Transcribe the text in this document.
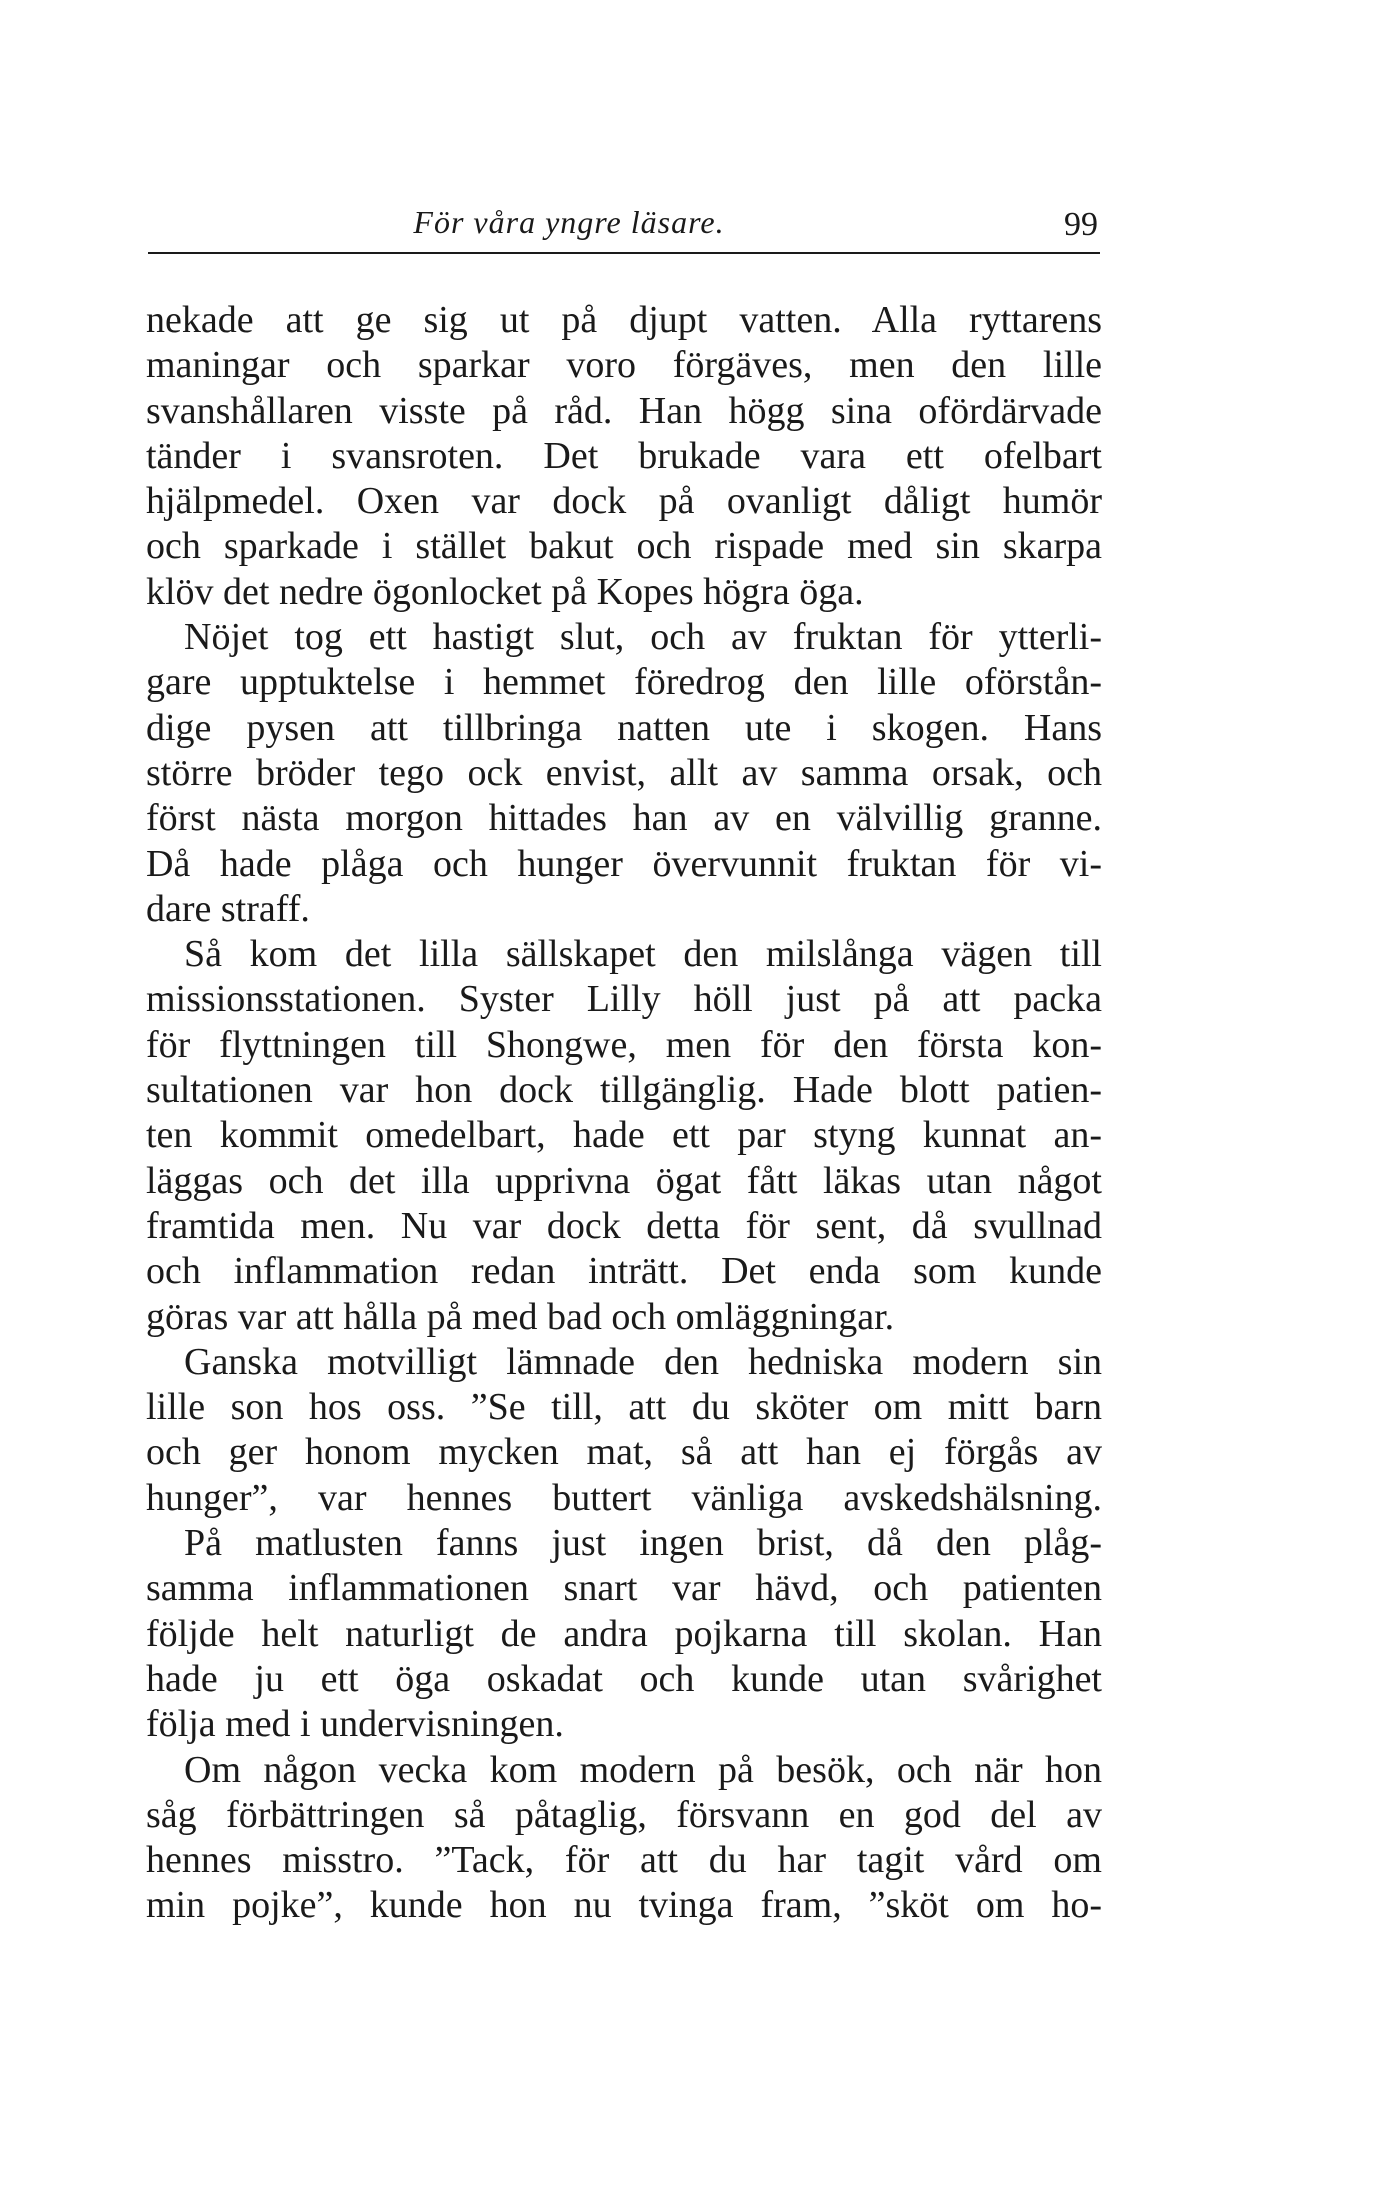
För våra yngre läsare.	99
nekade att ge sig ut på djupt vatten. Alla ryttarens
maningar och sparkar voro förgäves, men den lille
svanshållaren visste på råd. Han högg sina ofördärvade
tänder i svansroten. Det brukade vara ett ofelbart
hjälpmedel. Oxen var dock på ovanligt dåligt humör
och sparkade i stället bakut och rispade med sin skarpa
klöv det nedre ögonlocket på Kopes högra öga.
Nöjet tog ett hastigt slut, och av fruktan för ytterli-
gare upptuktelse i hemmet föredrog den lille oförstån-
dige pysen att tillbringa natten ute i skogen. Hans
större bröder tego ock envist, allt av samma orsak, och
först nästa morgon hittades han av en välvillig granne.
Då hade plåga och hunger övervunnit fruktan för vi-
dare straff.
Så kom det lilla sällskapet den milslånga vägen till
missionsstationen. Syster Lilly höll just på att packa
för flyttningen till Shongwe, men för den första kon-
sultationen var hon dock tillgänglig. Hade blott patien-
ten kommit omedelbart, hade ett par styng kunnat an-
läggas och det illa upprivna ögat fått läkas utan något
framtida men. Nu var dock detta för sent, då svullnad
och inflammation redan inträtt. Det enda som kunde
göras var att hålla på med bad och omläggningar.
Ganska motvilligt lämnade den hedniska modern sin
lille son hos oss. ”Se till, att du sköter om mitt barn
och ger honom mycken mat, så att han ej förgås av
hunger”, var hennes buttert vänliga avskedshälsning.
På matlusten fanns just ingen brist, då den plåg-
samma inflammationen snart var hävd, och patienten
följde helt naturligt de andra pojkarna till skolan. Han
hade ju ett öga oskadat och kunde utan svårighet
följa med i undervisningen.
Om någon vecka kom modern på besök, och när hon
såg förbättringen så påtaglig, försvann en god del av
hennes misstro. ”Tack, för att du har tagit vård om
min pojke”, kunde hon nu tvinga fram, ”sköt om ho-
